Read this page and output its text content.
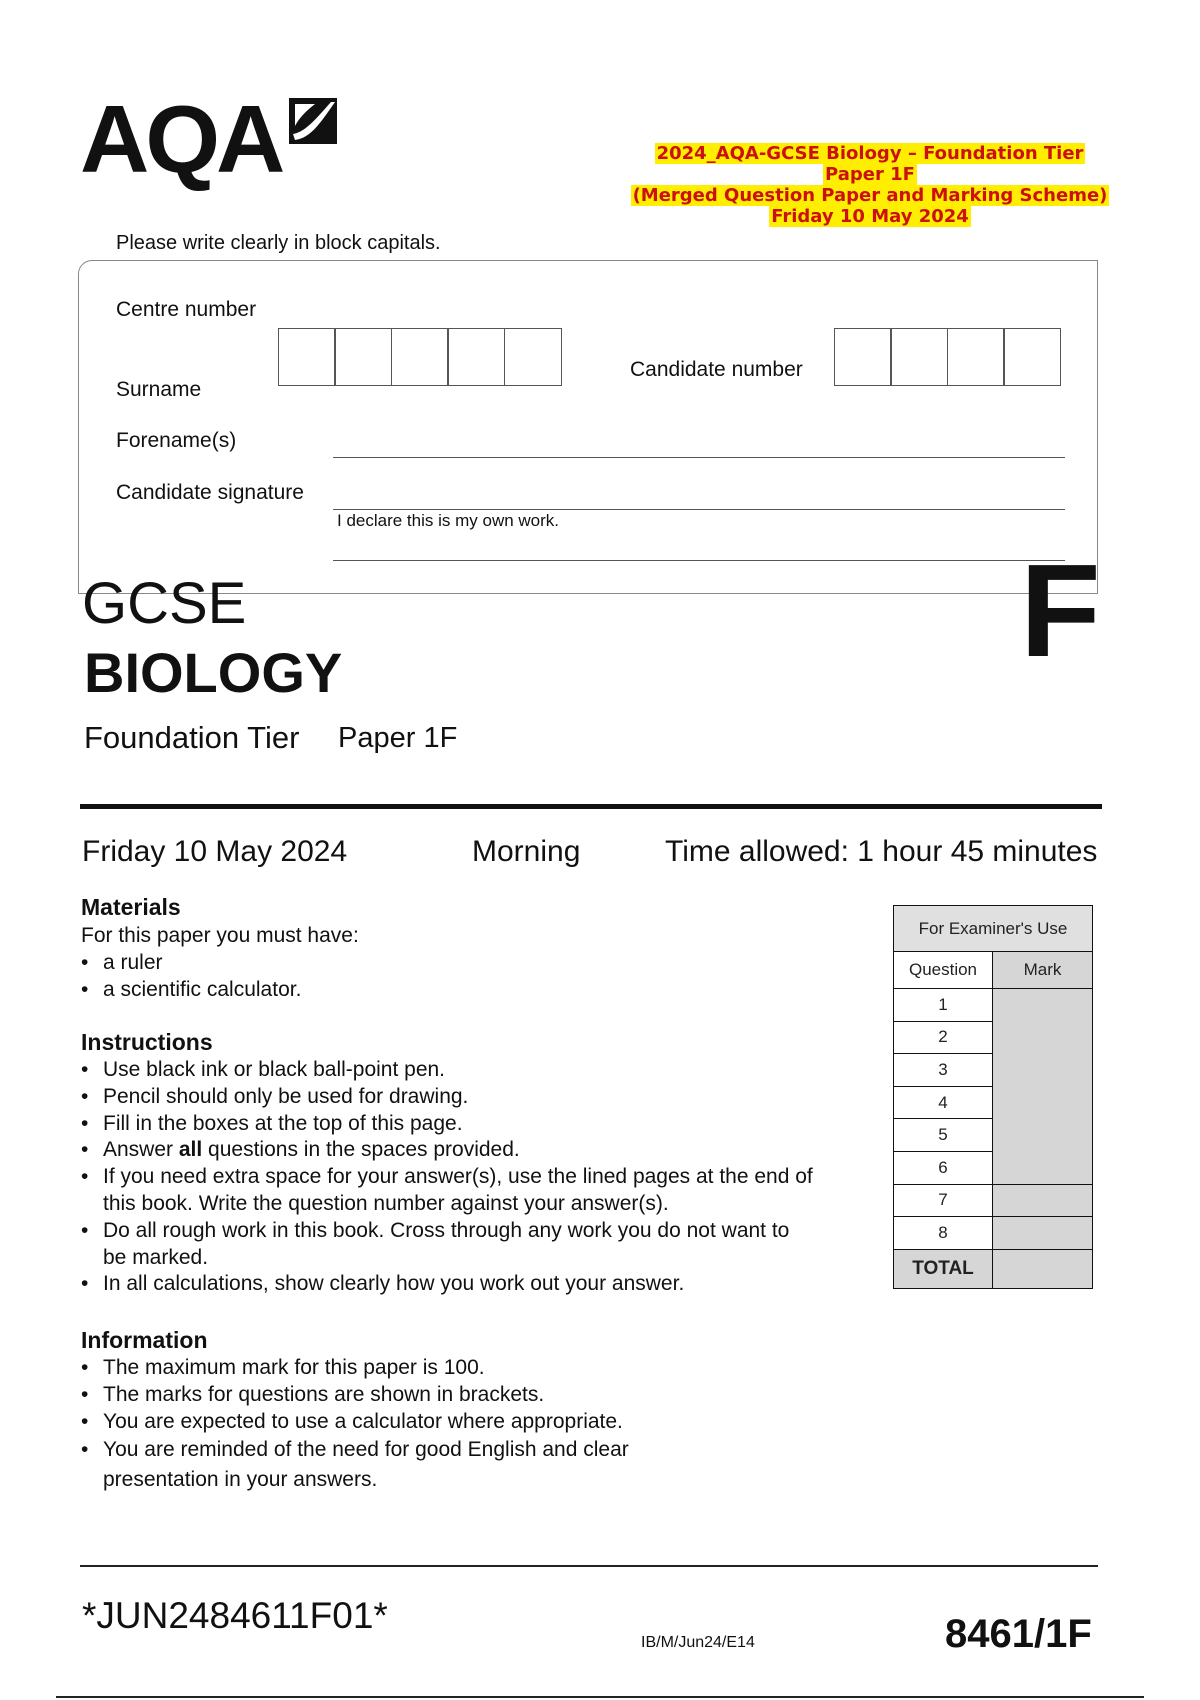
AQA	2024_AQA-GCSE Biology – Foundation Tier
Paper 1F
(Merged Question Paper and Marking Scheme)
Friday 10 May 2024
Please write clearly in block capitals.
Centre number
Candidate number
Surname
Forename(s)
Candidate signature
I declare this is my own work.
GCSE
BIOLOGY
Foundation Tier Paper 1F
F
Friday 10 May 2024	Morning	Time allowed: 1 hour 45 minutes
Materials
For this paper you must have:
• a ruler
• a scientific calculator.
Instructions
• Use black ink or black ball-point pen.
• Pencil should only be used for drawing.
• Fill in the boxes at the top of this page.
• Answer all questions in the spaces provided.
• If you need extra space for your answer(s), use the lined pages at the end of this book. Write the question number against your answer(s).
• Do all rough work in this book. Cross through any work you do not want to be marked.
• In all calculations, show clearly how you work out your answer.
Information
• The maximum mark for this paper is 100.
• The marks for questions are shown in brackets.
• You are expected to use a calculator where appropriate.
• You are reminded of the need for good English and clear presentation in your answers.
For Examiner's Use	
Question	Mark
1	
2	
3	
4	
5	
6	
7	
8	
TOTAL	
*JUN2484611F01*
IB/M/Jun24/E14	8461/1F
